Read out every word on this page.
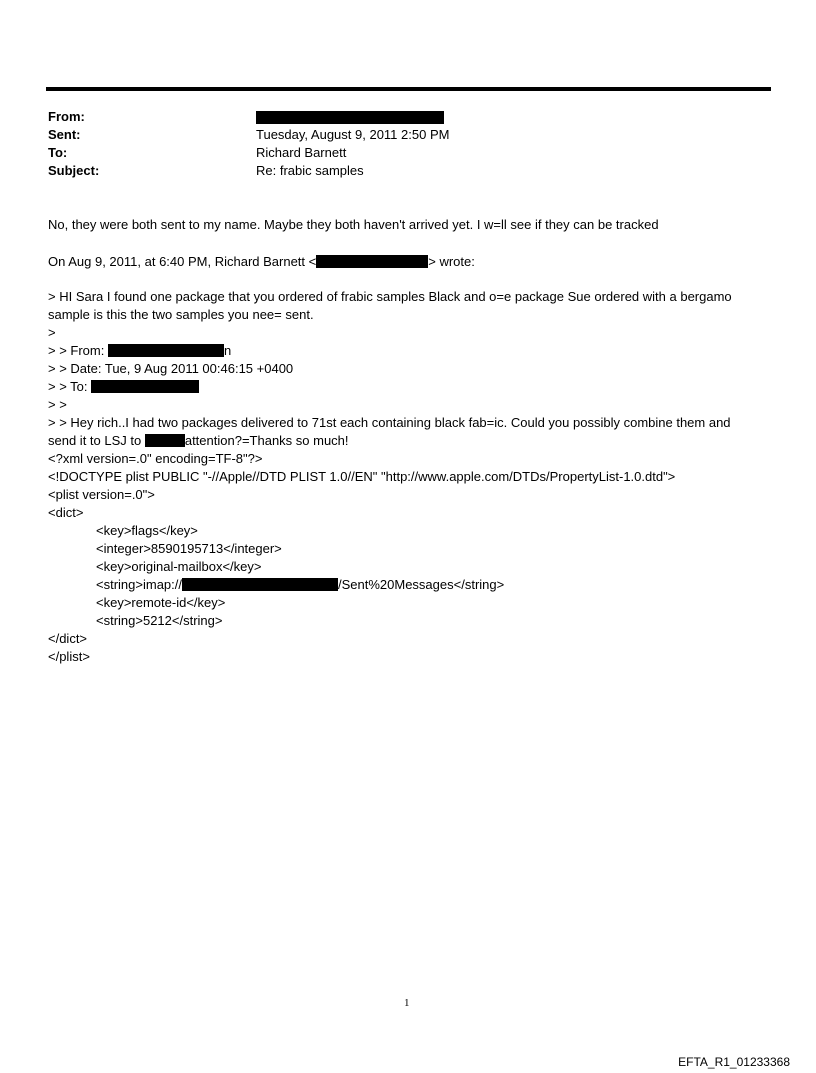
From:
Sent:	Tuesday, August 9, 2011 2:50 PM
To:	Richard Barnett
Subject:	Re: frabic samples
No, they were both sent to my name. Maybe they both haven't arrived yet. I w=ll see if they can be tracked
On Aug 9, 2011, at 6:40 PM, Richard Barnett <	> wrote:
> HI Sara I found one package that you ordered of frabic samples Black and o=e package Sue ordered with a bergamo
sample is this the two samples you nee= sent.
>
> > From:	n
> > Date: Tue, 9 Aug 2011 00:46:15 +0400
> > To:
> >
> > Hey rich..I had two packages delivered to 71st each containing black fab=ic. Could you possibly combine them and
send it to LSJ to	attention?=Thanks so much!
<?xml version=.0" encoding=TF-8"?>
<!DOCTYPE plist PUBLIC "-//Apple//DTD PLIST 1.0//EN" "http://www.apple.com/DTDs/PropertyList-1.0.dtd">
<plist version=.0">
<dict>
<key>flags</key>
<integer>8590195713</integer>
<key>original-mailbox</key>
<string>imap://	/Sent%20Messages</string>
<key>remote-id</key>
<string>5212</string>
</dict>
</plist>
1
EFTA_R1_01233368
